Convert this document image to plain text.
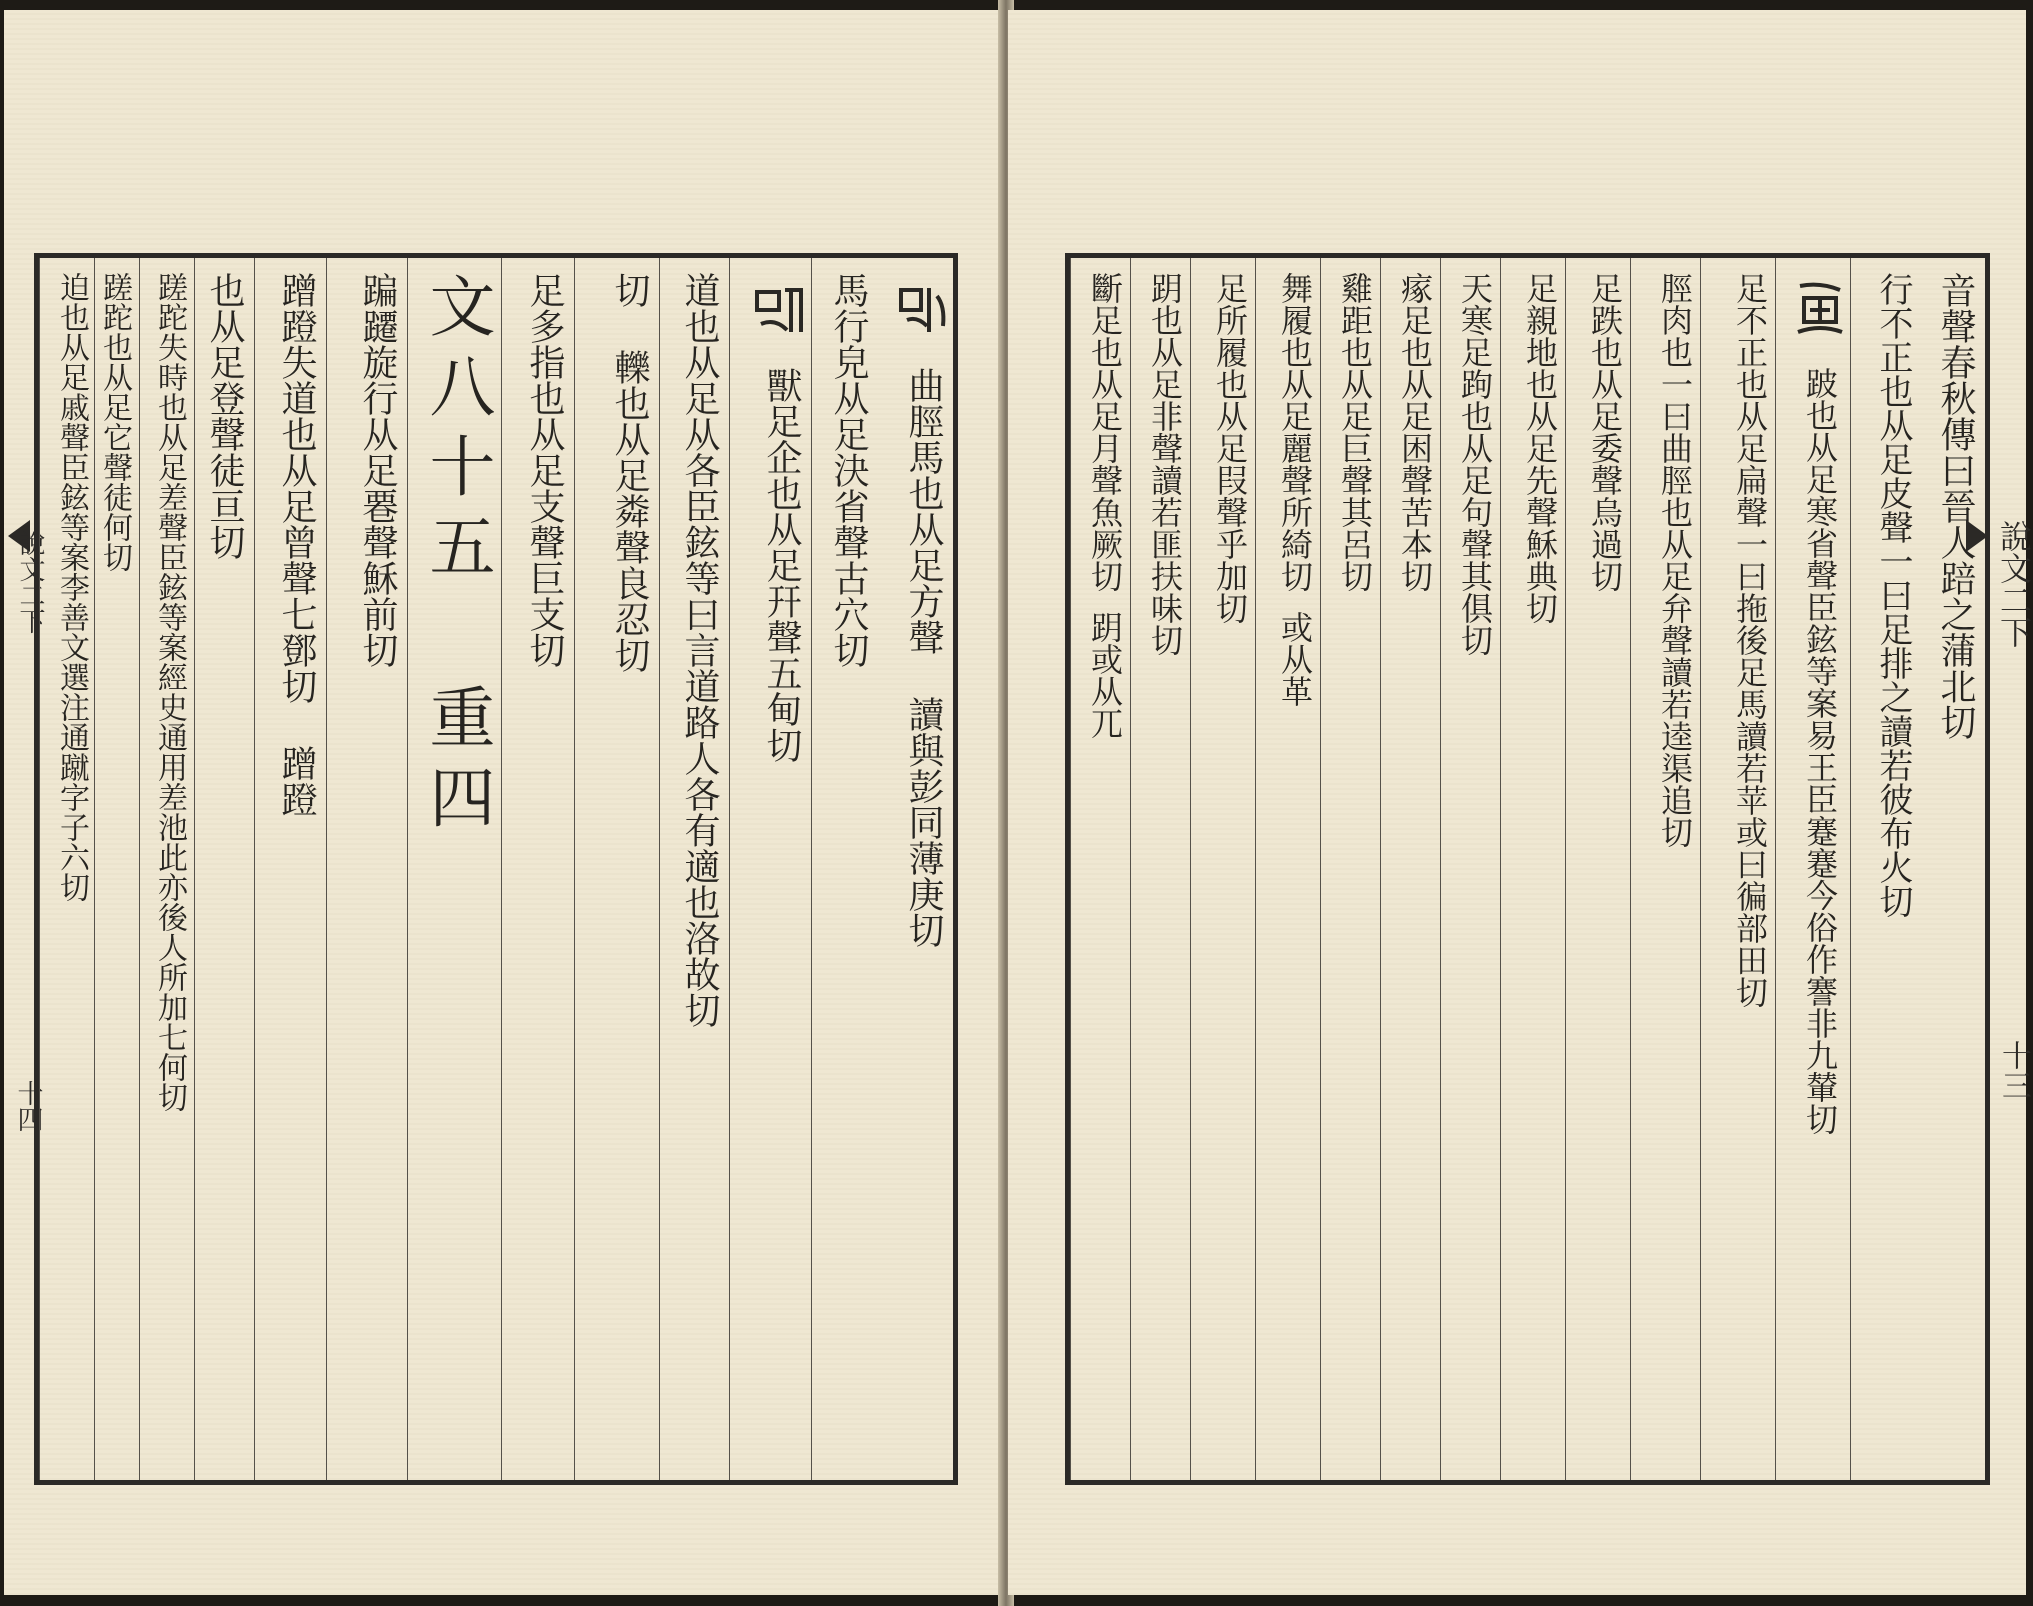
說文二下
十四
曲脛馬也从足方聲 讀與彭同薄庚切
馬行皃从足決省聲古穴切
獸足企也从足幵聲五甸切
道也从足从各臣鉉等曰言道路人各有適也洛故切
切 轢也从足粦聲良忍切
足多指也从足支聲巨支切
文八十五 重四
蹁躚旋行从足䙴聲穌前切
蹭蹬失道也从足曾聲七鄧切 蹭蹬
也从足登聲徒亘切
蹉跎失時也从足差聲臣鉉等案經史通用差池此亦後人所加七何切
蹉跎也从足它聲徒何切
迫也从足戚聲臣鉉等案李善文選注通蹴字子六切	音聲春秋傳曰晉人踣之蒲北切
行不正也从足皮聲一曰足排之讀若彼布火切
跛也从足寒省聲臣鉉等案易王臣蹇蹇今俗作謇非九輦切
足不正也从足扁聲一曰拖後足馬讀若苹或曰徧部田切
脛肉也一曰曲脛也从足弁聲讀若逵渠追切
足跌也从足委聲烏過切
足親地也从足先聲穌典切
天寒足跔也从足句聲其俱切
瘃足也从足困聲苦本切
雞距也从足巨聲其呂切
舞履也从足麗聲所綺切 或从革
足所履也从足叚聲乎加切
跀也从足非聲讀若匪扶味切
斷足也从足月聲魚厥切 跀或从兀
說文二下
十三
